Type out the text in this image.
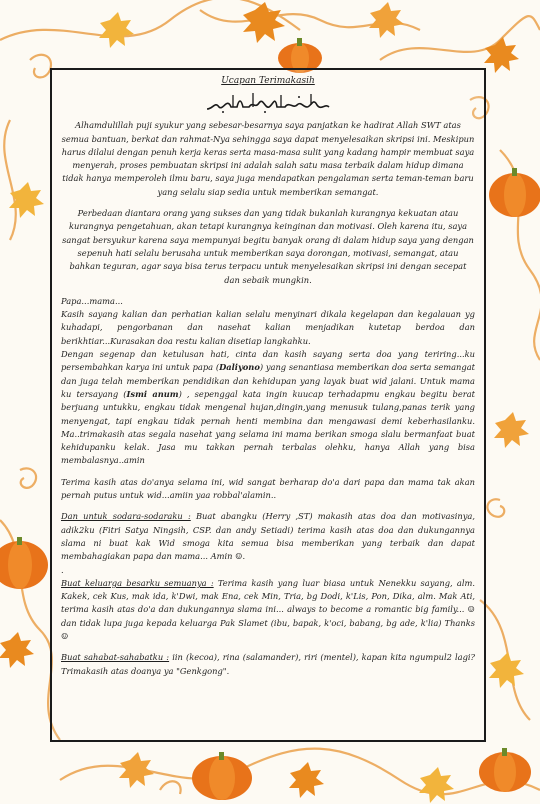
Ucapan Terimakasih

Alhamdulillah puji syukur yang sebesar-besarnya saya panjatkan ke hadirat Allah SWT atas semua bantuan, berkat dan rahmat-Nya sehingga saya dapat menyelesaikan skripsi ini. Meskipun harus dilalui dengan penuh kerja keras serta masa-masa sulit yang kadang hampir membuat saya menyerah, proses pembuatan skripsi ini adalah salah satu masa terbaik dalam hidup dimana tidak hanya memperoleh ilmu baru, saya juga mendapatkan pengalaman serta teman-teman baru yang selalu siap sedia untuk memberikan semangat.

Perbedaan diantara orang yang sukses dan yang tidak bukanlah kurangnya kekuatan atau kurangnya pengetahuan, akan tetapi kurangnya keinginan dan motivasi. Oleh karena itu, saya sangat bersyukur karena saya mempunyai begitu banyak orang di dalam hidup saya yang dengan sepenuh hati selalu berusaha untuk memberikan saya dorongan, motivasi, semangat, atau bahkan teguran, agar saya bisa terus terpacu untuk menyelesaikan skripsi ini dengan secepat dan sebaik mungkin.

Papa...mama...

Kasih sayang kalian dan perhatian kalian selalu menyinari dikala kegelapan dan kegalauan yg kuhadapi, pengorbanan dan nasehat kalian menjadikan kutetap berdoa dan berikhtiar...Kurasakan doa restu kalian disetiap langkahku.

Dengan segenap dan ketulusan hati, cinta dan kasih sayang serta doa yang teriring...ku persembahkan karya ini untuk papa (Daliyono) yang senantiasa memberikan doa serta semangat dan juga telah memberikan pendidikan dan kehidupan yang layak buat wid jalani. Untuk mama ku tersayang (Ismi anum) , sepenggal kata ingin kuucap terhadapmu engkau begitu berat berjuang untukku, engkau tidak mengenal hujan,dingin,yang menusuk tulang,panas terik yang menyengat, tapi engkau tidak pernah henti membina dan mengawasi demi keberhasilanku. Ma..trimakasih atas segala nasehat yang selama ini mama berikan smoga slalu bermanfaat buat kehidupanku kelak. Jasa mu takkan pernah terbalas olehku, hanya Allah yang bisa membalasnya..amin

Terima kasih atas do'anya selama ini, wid sangat berharap do'a dari papa dan mama tak akan pernah putus untuk wid...amiin yaa robbal'alamin..

Dan untuk sodara-sodaraku : Buat abangku (Herry ,ST) makasih atas doa dan motivasinya, adik2ku (Fitri Satya Ningsih, CSP. dan andy Setiadi) terima kasih atas doa dan dukungannya slama ni buat kak Wid smoga kita semua bisa memberikan yang terbaik dan dapat membahagiakan papa dan mama... Amin ☺.

.

Buat keluarga besarku semuanya : Terima kasih yang luar biasa untuk Nenekku sayang, alm. Kakek, cek Kus, mak ida, k'Dwi, mak Ena, cek Min, Tria, bg Dodi, k'Lis, Pon, Dika, alm. Mak Ati, terima kasih atas do'a dan dukungannya slama ini... always to become a romantic big family... ☺ dan tidak lupa juga kepada keluarga Pak Slamet (ibu, bapak, k'oci, babang, bg ade, k'lia) Thanks☺

Buat sahabat-sahabatku : iin (kecoa), rina (salamander), riri (mentel), kapan kita ngumpul2 lagi? Trimakasih atas doanya ya "Genkgong".
